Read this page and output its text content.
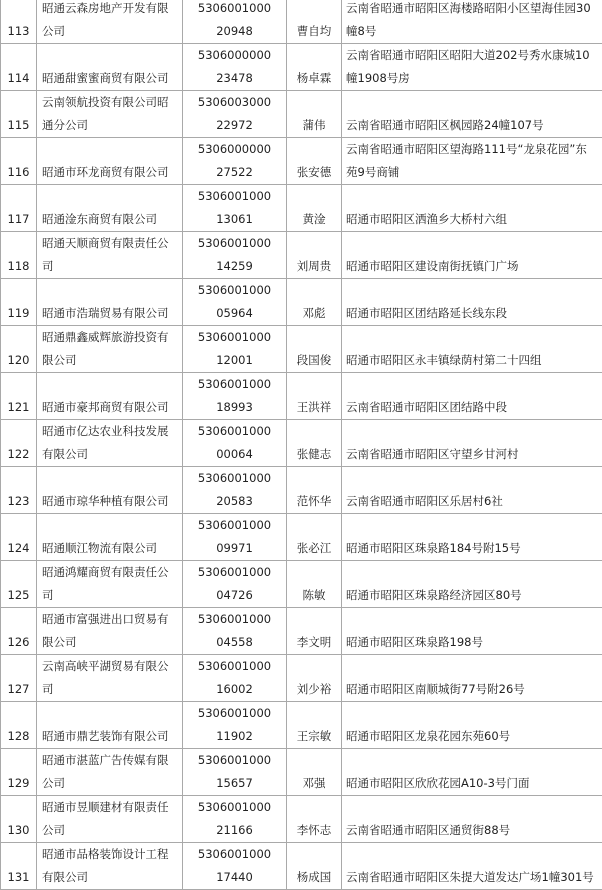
113	昭通云森房地产开发有限公司	530600100020948	曹自均	云南省昭通市昭阳区海楼路昭阳小区望海佳园30幢8号
114	昭通甜蜜蜜商贸有限公司	530600000023478	杨卓霖	云南省昭通市昭阳区昭阳大道202号秀水康城10幢1908号房
115	云南领航投资有限公司昭通分公司	530600300022972	蒲伟	云南省昭通市昭阳区枫园路24幢107号
116	昭通市环龙商贸有限公司	530600000027522	张安德	云南省昭通市昭阳区望海路111号“龙泉花园”东苑9号商铺
117	昭通淦东商贸有限公司	530600100013061	黄淦	昭通市昭阳区洒渔乡大桥村六组
118	昭通天顺商贸有限责任公司	530600100014259	刘周贵	昭通市昭阳区建设南街抚镇门广场
119	昭通市浩瑞贸易有限公司	530600100005964	邓彪	昭通市昭阳区团结路延长线东段
120	昭通鼎鑫威辉旅游投资有限公司	530600100012001	段国俊	昭通市昭阳区永丰镇绿荫村第二十四组
121	昭通市豪邦商贸有限公司	530600100018993	王洪祥	云南省昭通市昭阳区团结路中段
122	昭通市亿达农业科技发展有限公司	530600100000064	张健志	云南省昭通市昭阳区守望乡甘河村
123	昭通市琼华种植有限公司	530600100020583	范怀华	云南省昭通市昭阳区乐居村6社
124	昭通顺江物流有限公司	530600100009971	张必江	昭通市昭阳区珠泉路184号附15号
125	昭通鸿耀商贸有限责任公司	530600100004726	陈敏	昭通市昭阳区珠泉路经济园区80号
126	昭通市富强进出口贸易有限公司	530600100004558	李文明	昭通市昭阳区珠泉路198号
127	云南高峡平湖贸易有限公司	530600100016002	刘少裕	昭通市昭阳区南顺城街77号附26号
128	昭通市鼎艺装饰有限公司	530600100011902	王宗敏	昭通市昭阳区龙泉花园东苑60号
129	昭通市湛蓝广告传媒有限公司	530600100015657	邓强	昭通市昭阳区欣欣花园A10-3号门面
130	昭通市昱顺建材有限责任公司	530600100021166	李怀志	云南省昭通市昭阳区通贸街88号
131	昭通市品格装饰设计工程有限公司	530600100017440	杨成国	云南省昭通市昭阳区朱提大道发达广场1幢301号
